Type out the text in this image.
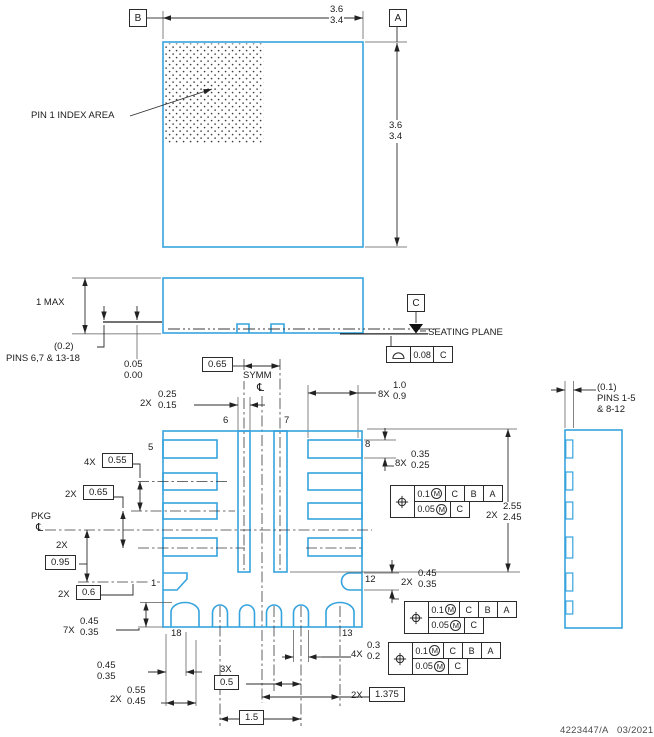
B	A
3.6
3.4
3.6
3.4
PIN 1 INDEX AREA
1 MAX
(0.2)
PINS 6,7 & 13-18
0.05
0.00
C
SEATING PLANE
0.08	C
0.65
SYMM
℄
2X
0.25
0.15
6	7
8X
1.0
0.9
5	8
8X
0.35
0.25
0.1 M	C	B	A
0.05 M	C
2X
2.55
2.45
4X	0.55
2X	0.65
PKG
℄
2X
0.95
2X	0.6
1	12	2X
0.45
0.35
0.1 M	C	B	A
0.05 M	C
4X
0.3
0.2	0.1 M	C	B	A
0.05 M	C
7X
0.45
0.35
0.45
0.35
2X
0.55
0.45
3X
0.5
1.5
2X	1.375
18	13
(0.1)
PINS 1-5
& 8-12
4223447/A 03/2021
